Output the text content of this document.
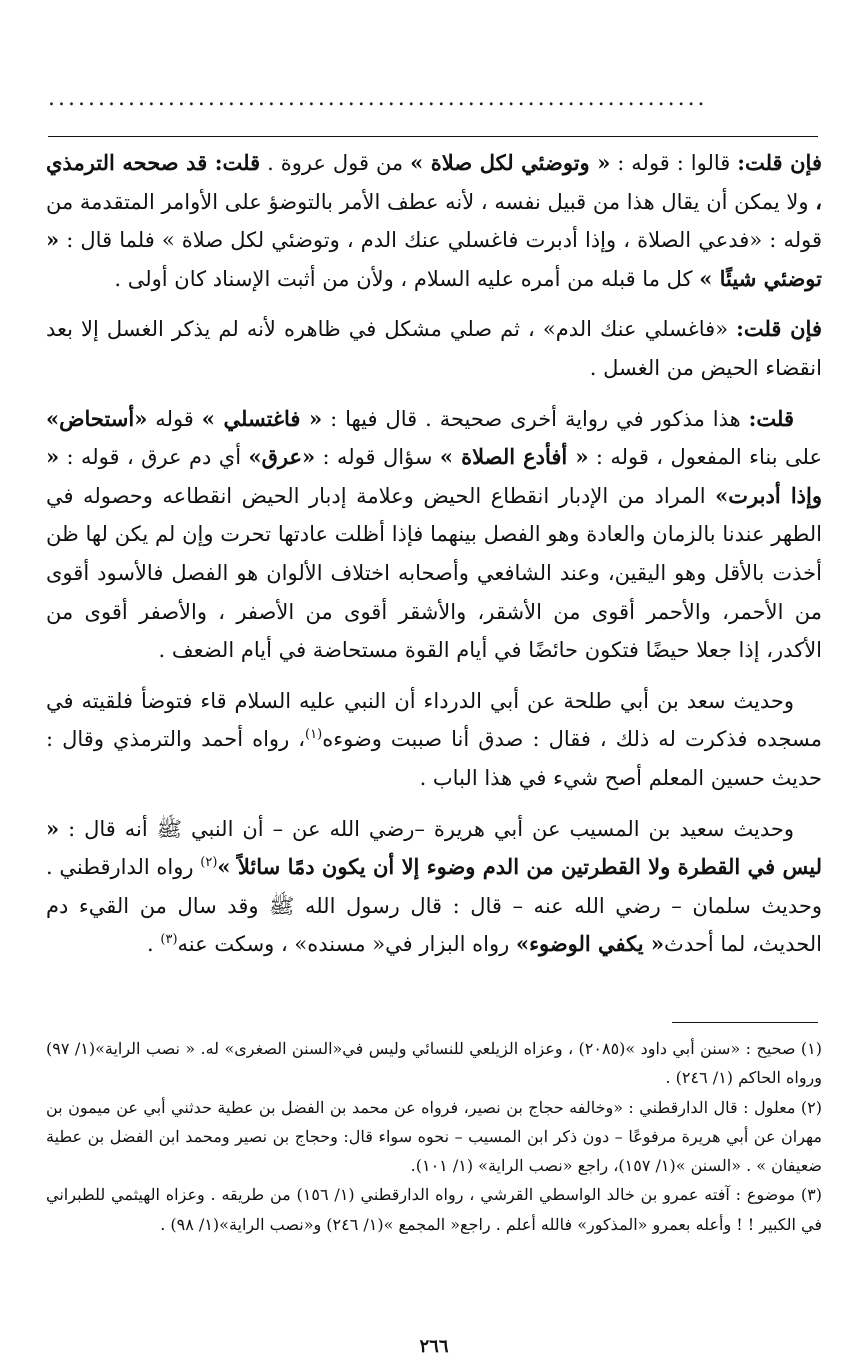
..................................................................

فإن قلت: قالوا : قوله : « وتوضئي لكل صلاة » من قول عروة . قلت: قد صححه الترمذي ، ولا يمكن أن يقال هذا من قبيل نفسه ، لأنه عطف الأمر بالتوضؤ على الأوامر المتقدمة من قوله : «فدعي الصلاة ، وإذا أدبرت فاغسلي عنك الدم ، وتوضئي لكل صلاة » فلما قال : « توضئي شيئًا » كل ما قبله من أمره عليه السلام ، ولأن من أثبت الإسناد كان أولى .

فإن قلت: «فاغسلي عنك الدم» ، ثم صلي مشكل في ظاهره لأنه لم يذكر الغسل إلا بعد انقضاء الحيض من الغسل .

قلت: هذا مذكور في رواية أخرى صحيحة . قال فيها : « فاغتسلي » قوله «أستحاض» على بناء المفعول ، قوله : « أفأدع الصلاة » سؤال قوله : «عرق» أي دم عرق ، قوله : « وإذا أدبرت» المراد من الإدبار انقطاع الحيض وعلامة إدبار الحيض انقطاعه وحصوله في الطهر عندنا بالزمان والعادة وهو الفصل بينهما فإذا أظلت عادتها تحرت وإن لم يكن لها ظن أخذت بالأقل وهو اليقين، وعند الشافعي وأصحابه اختلاف الألوان هو الفصل فالأسود أقوى من الأحمر، والأحمر أقوى من الأشقر، والأشقر أقوى من الأصفر ، والأصفر أقوى من الأكدر، إذا جعلا حيضًا فتكون حائضًا في أيام القوة مستحاضة في أيام الضعف .

وحديث سعد بن أبي طلحة عن أبي الدرداء أن النبي عليه السلام قاء فتوضأ فلقيته في مسجده فذكرت له ذلك ، فقال : صدق أنا صببت وضوءه$^{(١)}$، رواه أحمد والترمذي وقال : حديث حسين المعلم أصح شيء في هذا الباب .

وحديث سعيد بن المسيب عن أبي هريرة –رضي الله عن – أن النبي ﷺ أنه قال : « ليس في القطرة ولا القطرتين من الدم وضوء إلا أن يكون دمًا سائلاً »$^{(٢)}$ رواه الدارقطني . وحديث سلمان – رضي الله عنه – قال : قال رسول الله ﷺ وقد سال من القيء دم الحديث، لما أحدث« يكفي الوضوء» رواه البزار في« مسنده» ، وسكت عنه$^{(٣)}$ .

(١) صحيح : «سنن أبي داود »(٢٠٨٥) ، وعزاه الزيلعي للنسائي وليس في«السنن الصغرى» له. « نصب الراية»(١/ ٩٧) ورواه الحاكم (١/ ٢٤٦) .

(٢) معلول : قال الدارقطني : «وخالفه حجاج بن نصير، فرواه عن محمد بن الفضل بن عطية حدثني أبي عن ميمون بن مهران عن أبي هريرة مرفوعًا – دون ذكر ابن المسيب – نحوه سواء قال: وحجاج بن نصير ومحمد ابن الفضل بن عطية ضعيفان » . «السنن »(١/ ١٥٧)، راجع «نصب الراية» (١/ ١٠١).

(٣) موضوع : آفته عمرو بن خالد الواسطي القرشي ، رواه الدارقطني (١/ ١٥٦) من طريقه . وعزاه الهيثمي للطبراني في الكبير ! ! وأعله بعمرو «المذكور» فالله أعلم . راجع« المجمع »(١/ ٢٤٦) و«نصب الراية»(١/ ٩٨) .

٢٦٦
